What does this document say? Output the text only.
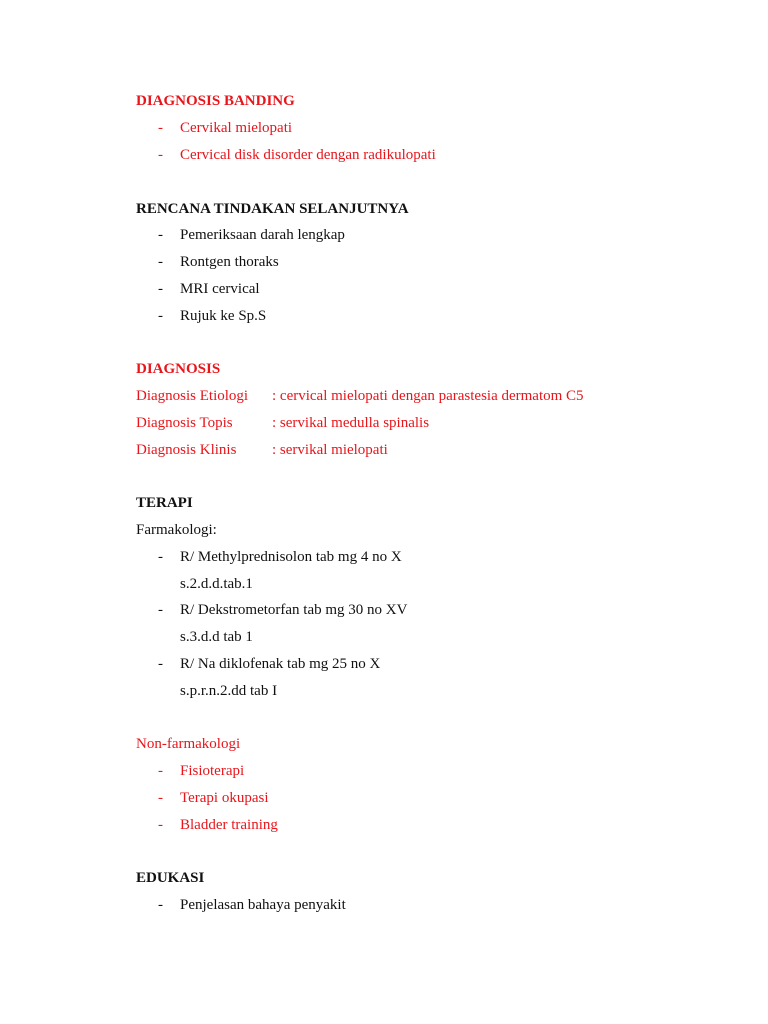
DIAGNOSIS BANDING
- Cervikal mielopati
- Cervical disk disorder dengan radikulopati
RENCANA TINDAKAN SELANJUTNYA
- Pemeriksaan darah lengkap
- Rontgen thoraks
- MRI cervical
- Rujuk ke Sp.S
DIAGNOSIS
Diagnosis Etiologi : cervical mielopati dengan parastesia dermatom C5
Diagnosis Topis	: servikal medulla spinalis
Diagnosis Klinis : servikal mielopati
TERAPI
Farmakologi:
- R/ Methylprednisolon tab mg 4 no X
s.2.d.d.tab.1
- R/ Dekstrometorfan tab mg 30 no XV
s.3.d.d tab 1
- R/ Na diklofenak tab mg 25 no X
s.p.r.n.2.dd tab I
Non-farmakologi
- Fisioterapi
- Terapi okupasi
- Bladder training
EDUKASI
- Penjelasan bahaya penyakit
